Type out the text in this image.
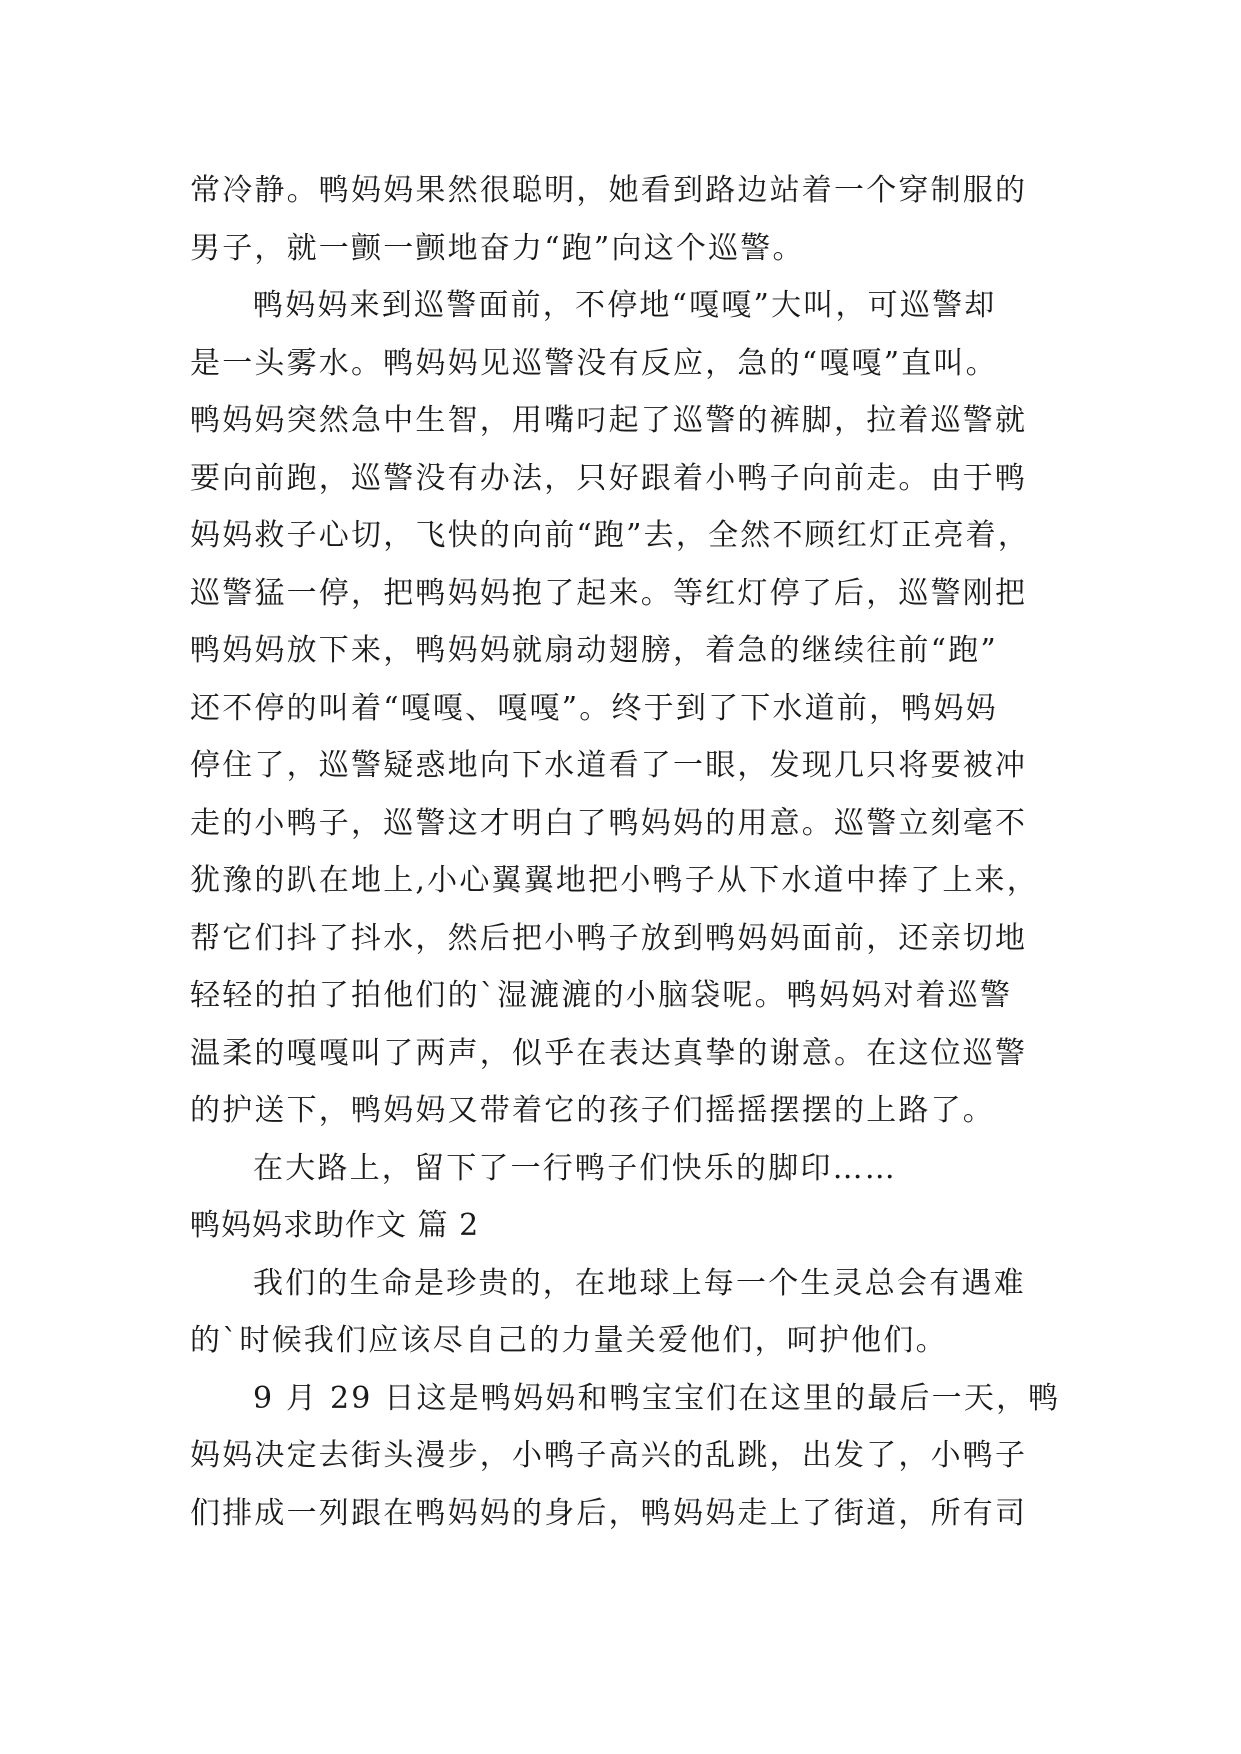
常冷静。鸭妈妈果然很聪明，她看到路边站着一个穿制服的
男子，就一颤一颤地奋力“跑”向这个巡警。
鸭妈妈来到巡警面前，不停地“嘎嘎”大叫，可巡警却
是一头雾水。鸭妈妈见巡警没有反应，急的“嘎嘎”直叫。
鸭妈妈突然急中生智，用嘴叼起了巡警的裤脚，拉着巡警就
要向前跑，巡警没有办法，只好跟着小鸭子向前走。由于鸭
妈妈救子心切，飞快的向前“跑”去，全然不顾红灯正亮着，
巡警猛一停，把鸭妈妈抱了起来。等红灯停了后，巡警刚把
鸭妈妈放下来，鸭妈妈就扇动翅膀，着急的继续往前“跑”
还不停的叫着“嘎嘎、嘎嘎”。终于到了下水道前，鸭妈妈
停住了，巡警疑惑地向下水道看了一眼，发现几只将要被冲
走的小鸭子，巡警这才明白了鸭妈妈的用意。巡警立刻毫不
犹豫的趴在地上,小心翼翼地把小鸭子从下水道中捧了上来，
帮它们抖了抖水，然后把小鸭子放到鸭妈妈面前，还亲切地
轻轻的拍了拍他们的`湿漉漉的小脑袋呢。鸭妈妈对着巡警
温柔的嘎嘎叫了两声，似乎在表达真挚的谢意。在这位巡警
的护送下，鸭妈妈又带着它的孩子们摇摇摆摆的上路了。
在大路上，留下了一行鸭子们快乐的脚印……
鸭妈妈求助作文 篇 2
我们的生命是珍贵的，在地球上每一个生灵总会有遇难
的`时候我们应该尽自己的力量关爱他们，呵护他们。
9 月 29 日这是鸭妈妈和鸭宝宝们在这里的最后一天，鸭
妈妈决定去街头漫步，小鸭子高兴的乱跳，出发了，小鸭子
们排成一列跟在鸭妈妈的身后，鸭妈妈走上了街道，所有司
